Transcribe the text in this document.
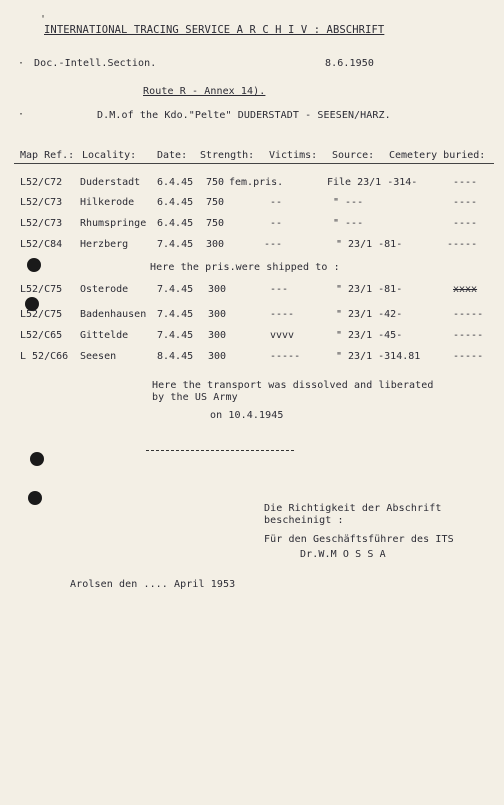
'
·
·
INTERNATIONAL TRACING SERVICE A R C H I V : ABSCHRIFT
Doc.-Intell.Section.	8.6.1950
Route R - Annex 14).
D.M.of the Kdo."Pelte" DUDERSTADT - SEESEN/HARZ.
Map Ref.: Locality: Date: Strength: Victims: Source: Cemetery buried:
L52/C72 Duderstadt 6.4.45 750 fem.pris.	File 23/1 -314-	----
L52/C73 Hilkerode 6.4.45 750	--	" ---	----
L52/C73 Rhumspringe 6.4.45 750	--	" ---	----
L52/C84 Herzberg	7.4.45 300	---	" 23/1 -81-	-----
Here the pris.were shipped to :
L52/C75 Osterode	7.4.45 300	---	" 23/1 -81-	xxxx
L52/C75 Badenhausen 7.4.45 300	----	" 23/1 -42-	-----
L52/C65 Gittelde	7.4.45 300	vvvv	" 23/1 -45-	-----
L 52/C66 Seesen	8.4.45 300	-----	" 23/1 -314.81	-----
Here the transport was dissolved and liberated
by the US Army
on 10.4.1945
Die Richtigkeit der Abschrift
bescheinigt :
Für den Geschäftsführer des ITS
Dr.W.M O S S A
Arolsen den .... April 1953
